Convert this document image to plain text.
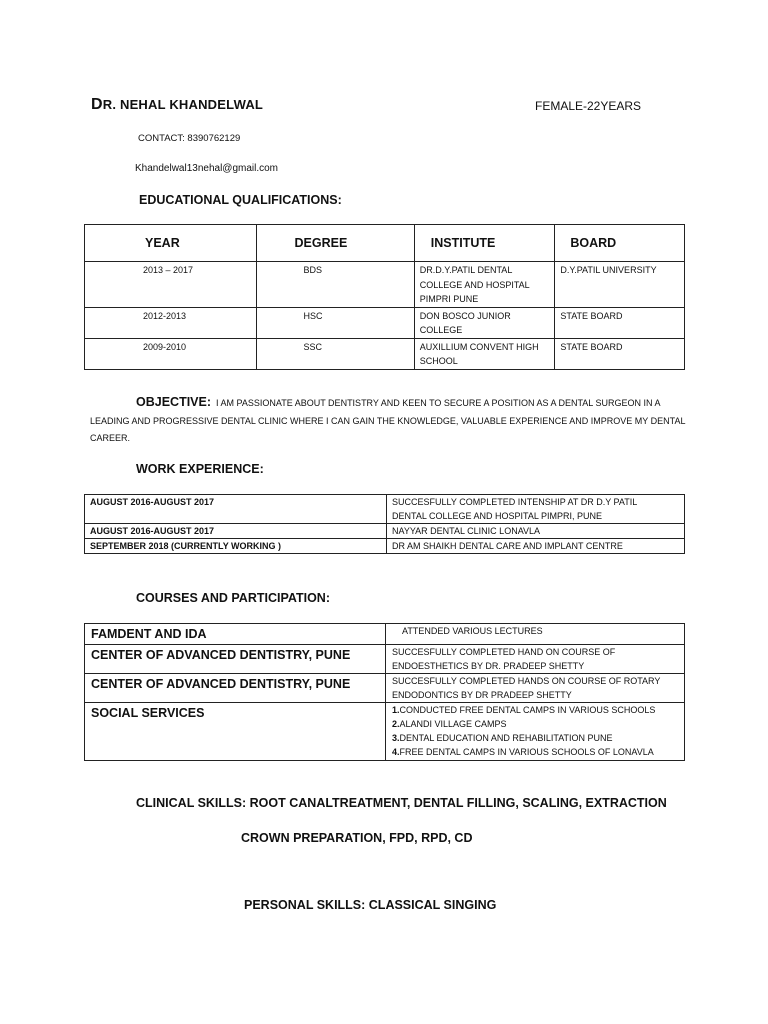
DR. NEHAL KHANDELWAL	FEMALE-22YEARS
CONTACT: 8390762129
Khandelwal13nehal@gmail.com
EDUCATIONAL QUALIFICATIONS:
YEAR	DEGREE	INSTITUTE	BOARD
2013 – 2017	BDS	DR.D.Y.PATIL DENTAL COLLEGE AND HOSPITAL PIMPRI PUNE	D.Y.PATIL UNIVERSITY
2012-2013	HSC	DON BOSCO JUNIOR COLLEGE	STATE BOARD
2009-2010	SSC	AUXILLIUM CONVENT HIGH SCHOOL	STATE BOARD
OBJECTIVE: I AM PASSIONATE ABOUT DENTISTRY AND KEEN TO SECURE A POSITION AS A DENTAL SURGEON IN A LEADING AND PROGRESSIVE DENTAL CLINIC WHERE I CAN GAIN THE KNOWLEDGE, VALUABLE EXPERIENCE AND IMPROVE MY DENTAL CAREER.
WORK EXPERIENCE:
AUGUST 2016-AUGUST 2017	SUCCESFULLY COMPLETED INTENSHIP AT DR D.Y PATIL DENTAL COLLEGE AND HOSPITAL PIMPRI, PUNE
AUGUST 2016-AUGUST 2017	NAYYAR DENTAL CLINIC LONAVLA
SEPTEMBER 2018 (CURRENTLY WORKING )	DR AM SHAIKH DENTAL CARE AND IMPLANT CENTRE
COURSES AND PARTICIPATION:
FAMDENT AND IDA	ATTENDED VARIOUS LECTURES
CENTER OF ADVANCED DENTISTRY, PUNE	SUCCESFULLY COMPLETED HAND ON COURSE OF ENDOESTHETICS BY DR. PRADEEP SHETTY
CENTER OF ADVANCED DENTISTRY, PUNE	SUCCESFULLY COMPLETED HANDS ON COURSE OF ROTARY ENDODONTICS BY DR PRADEEP SHETTY
SOCIAL SERVICES	1.CONDUCTED FREE DENTAL CAMPS IN VARIOUS SCHOOLS
2.ALANDI VILLAGE CAMPS
3.DENTAL EDUCATION AND REHABILITATION PUNE
4.FREE DENTAL CAMPS IN VARIOUS SCHOOLS OF LONAVLA
CLINICAL SKILLS: ROOT CANALTREATMENT, DENTAL FILLING, SCALING, EXTRACTION
CROWN PREPARATION, FPD, RPD, CD
PERSONAL SKILLS: CLASSICAL SINGING
